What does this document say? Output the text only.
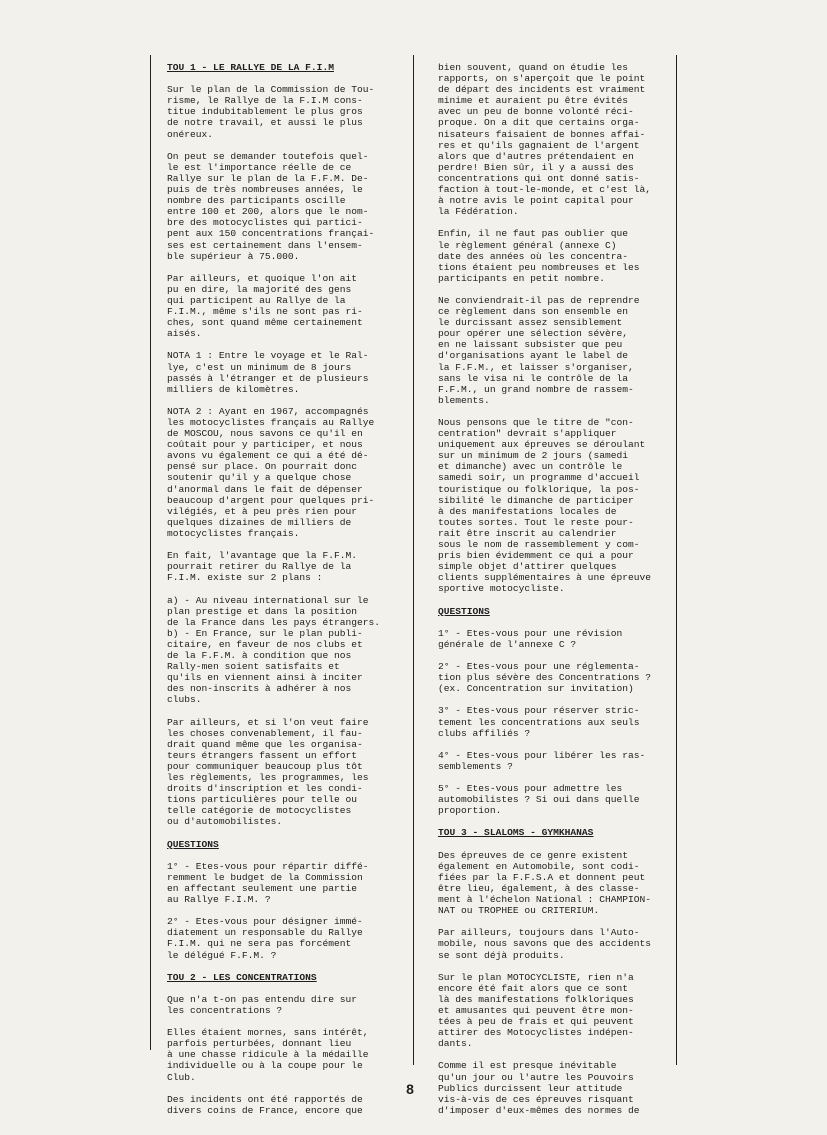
TOU 1 - LE RALLYE DE LA F.I.M

Sur le plan de la Commission de Tou-
risme, le Rallye de la F.I.M cons-
titue indubitablement le plus gros
de notre travail, et aussi le plus
onéreux.

On peut se demander toutefois quel-
le est l'importance réelle de ce
Rallye sur le plan de la F.F.M. De-
puis de très nombreuses années, le
nombre des participants oscille
entre 100 et 200, alors que le nom-
bre des motocyclistes qui partici-
pent aux 150 concentrations françai-
ses est certainement dans l'ensem-
ble supérieur à 75.000.

Par ailleurs, et quoique l'on ait
pu en dire, la majorité des gens
qui participent au Rallye de la
F.I.M., même s'ils ne sont pas ri-
ches, sont quand même certainement
aisés.

NOTA 1 : Entre le voyage et le Ral-
lye, c'est un minimum de 8 jours
passés à l'étranger et de plusieurs
milliers de kilomètres.

NOTA 2 : Ayant en 1967, accompagnés
les motocyclistes français au Rallye
de MOSCOU, nous savons ce qu'il en
coûtait pour y participer, et nous
avons vu également ce qui a été dé-
pensé sur place. On pourrait donc
soutenir qu'il y a quelque chose
d'anormal dans le fait de dépenser
beaucoup d'argent pour quelques pri-
vilégiés, et à peu près rien pour
quelques dizaines de milliers de
motocyclistes français.

En fait, l'avantage que la F.F.M.
pourrait retirer du Rallye de la
F.I.M. existe sur 2 plans :

a) - Au niveau international sur le
plan prestige et dans la position
de la France dans les pays étrangers.
b) - En France, sur le plan publi-
citaire, en faveur de nos clubs et
de la F.F.M. à condition que nos
Rally-men soient satisfaits et
qu'ils en viennent ainsi à inciter
des non-inscrits à adhérer à nos
clubs.

Par ailleurs, et si l'on veut faire
les choses convenablement, il fau-
drait quand même que les organisa-
teurs étrangers fassent un effort
pour communiquer beaucoup plus tôt
les règlements, les programmes, les
droits d'inscription et les condi-
tions particulières pour telle ou
telle catégorie de motocyclistes
ou d'automobilistes.

QUESTIONS

1° - Etes-vous pour répartir diffé-
remment le budget de la Commission
en affectant seulement une partie
au Rallye F.I.M. ?

2° - Etes-vous pour désigner immé-
diatement un responsable du Rallye
F.I.M. qui ne sera pas forcément
le délégué F.F.M. ?

TOU 2 - LES CONCENTRATIONS

Que n'a t-on pas entendu dire sur
les concentrations ?

Elles étaient mornes, sans intérêt,
parfois perturbées, donnant lieu
à une chasse ridicule à la médaille
individuelle ou à la coupe pour le
Club.

Des incidents ont été rapportés de
divers coins de France, encore que

bien souvent, quand on étudie les
rapports, on s'aperçoit que le point
de départ des incidents est vraiment
minime et auraient pu être évités
avec un peu de bonne volonté réci-
proque. On a dit que certains orga-
nisateurs faisaient de bonnes affai-
res et qu'ils gagnaient de l'argent
alors que d'autres prétendaient en
perdre! Bien sûr, il y a aussi des
concentrations qui ont donné satis-
faction à tout-le-monde, et c'est là,
à notre avis le point capital pour
la Fédération.

Enfin, il ne faut pas oublier que
le règlement général (annexe C)
date des années où les concentra-
tions étaient peu nombreuses et les
participants en petit nombre.

Ne conviendrait-il pas de reprendre
ce règlement dans son ensemble en
le durcissant assez sensiblement
pour opérer une sélection sévère,
en ne laissant subsister que peu
d'organisations ayant le label de
la F.F.M., et laisser s'organiser,
sans le visa ni le contrôle de la
F.F.M., un grand nombre de rassem-
blements.

Nous pensons que le titre de "con-
centration" devrait s'appliquer
uniquement aux épreuves se déroulant
sur un minimum de 2 jours (samedi
et dimanche) avec un contrôle le
samedi soir, un programme d'accueil
touristique ou folklorique, la pos-
sibilité le dimanche de participer
à des manifestations locales de
toutes sortes. Tout le reste pour-
rait être inscrit au calendrier
sous le nom de rassemblement y com-
pris bien évidemment ce qui a pour
simple objet d'attirer quelques
clients supplémentaires à une épreuve
sportive motocycliste.

QUESTIONS

1° - Etes-vous pour une révision
générale de l'annexe C ?

2° - Etes-vous pour une réglementa-
tion plus sévère des Concentrations ?
(ex. Concentration sur invitation)

3° - Etes-vous pour réserver stric-
tement les concentrations aux seuls
clubs affiliés ?

4° - Etes-vous pour libérer les ras-
semblements ?

5° - Etes-vous pour admettre les
automobilistes ? Si oui dans quelle
proportion.

TOU 3 - SLALOMS - GYMKHANAS

Des épreuves de ce genre existent
également en Automobile, sont codi-
fiées par la F.F.S.A et donnent peut
être lieu, également, à des classe-
ment à l'échelon National : CHAMPION-
NAT ou TROPHEE ou CRITERIUM.

Par ailleurs, toujours dans l'Auto-
mobile, nous savons que des accidents
se sont déjà produits.

Sur le plan MOTOCYCLISTE, rien n'a
encore été fait alors que ce sont
là des manifestations folkloriques
et amusantes qui peuvent être mon-
tées à peu de frais et qui peuvent
attirer des Motocyclistes indépen-
dants.

Comme il est presque inévitable
qu'un jour ou l'autre les Pouvoirs
Publics durcissent leur attitude
vis-à-vis de ces épreuves risquant
d'imposer d'eux-mêmes des normes de

8
